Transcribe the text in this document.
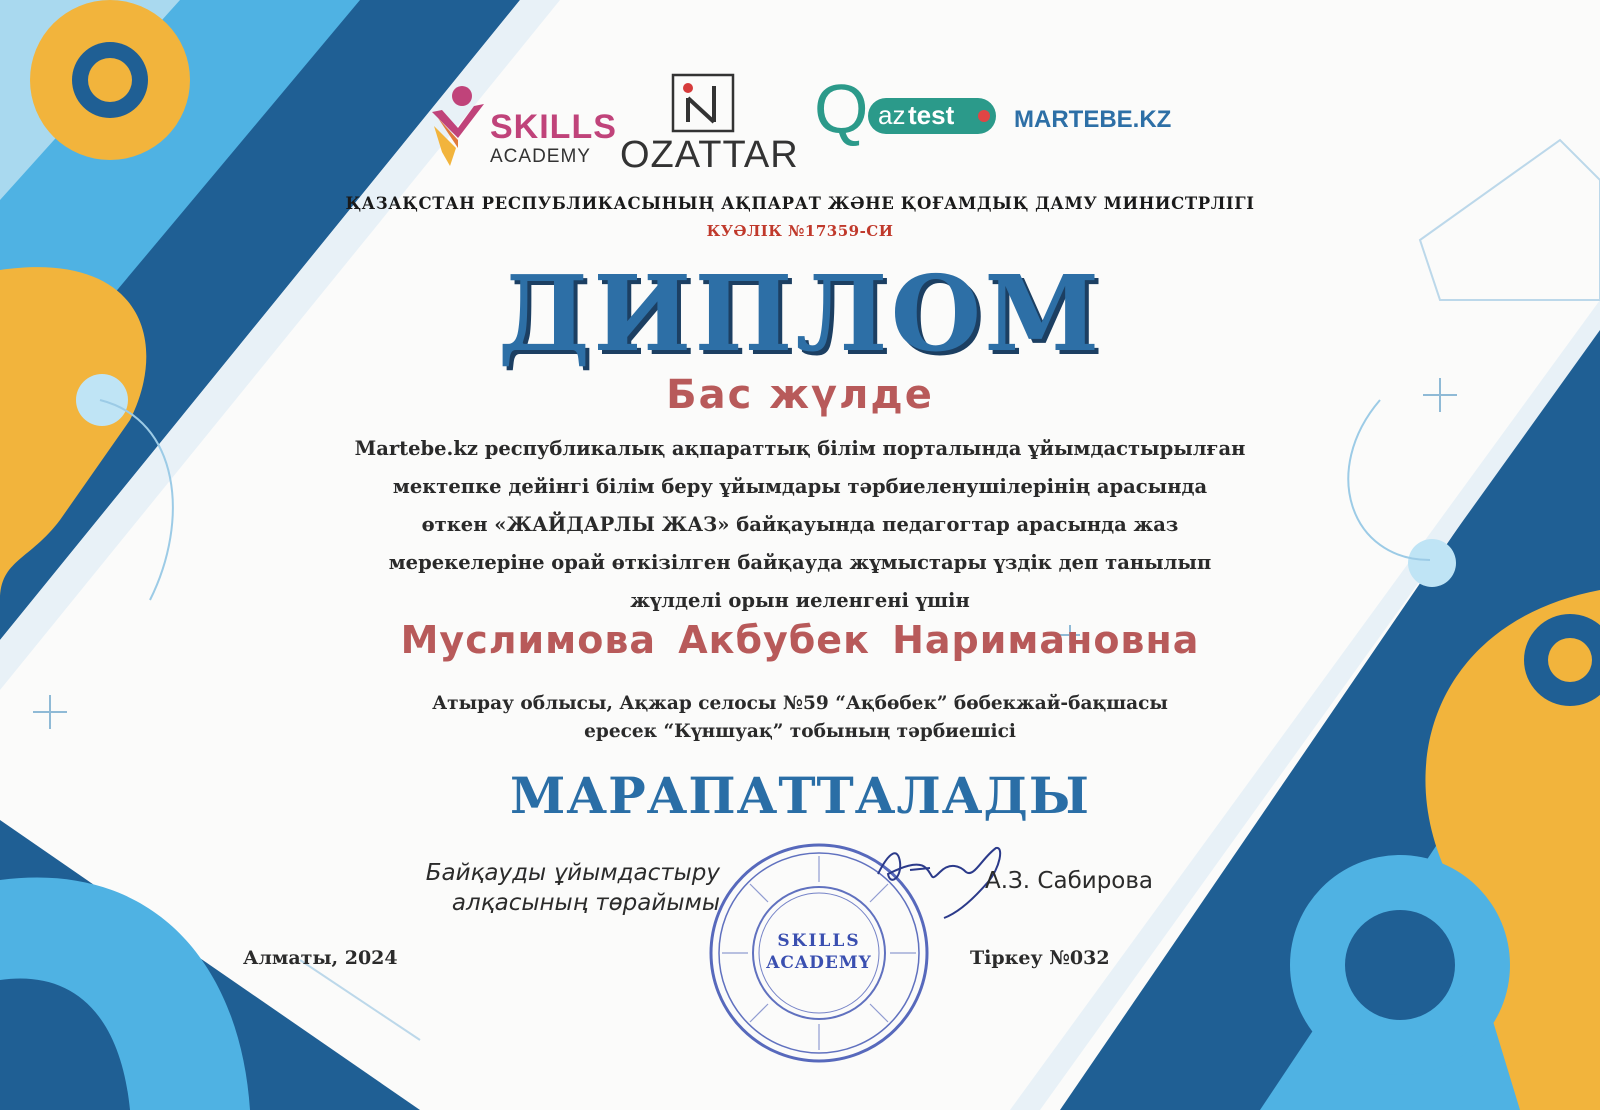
SKILLS
ACADEMY OZATTAR
Q az test MARTEBE.KZ
ҚАЗАҚСТАН РЕСПУБЛИКАСЫНЫҢ АҚПАРАТ ЖӘНЕ ҚОҒАМДЫҚ ДАМУ МИНИСТРЛІГІ
КУӘЛІК №17359-СИ
ДИПЛОМ
Бас жүлде
Martebe.kz республикалық ақпараттық білім порталында ұйымдастырылған
мектепке дейінгі білім беру ұйымдары тәрбиеленушілерінің арасында
өткен «ЖАЙДАРЛЫ ЖАЗ» байқауында педагогтар арасында жаз
мерекелеріне орай өткізілген байқауда жұмыстары үздік деп танылып
жүлделі орын иеленгені үшін
Муслимова Акбубек Наримановна
Атырау облысы, Ақжар селосы №59 “Ақбөбек” бөбекжай-бақшасы
ересек “Күншуақ” тобының тәрбиешісі
МАРАПАТТАЛАДЫ
Байқауды ұйымдастыру
алқасының төрайымы
SKILLS
ACADEMY
А.З. Сабирова
Алматы, 2024	Тіркеу №032
